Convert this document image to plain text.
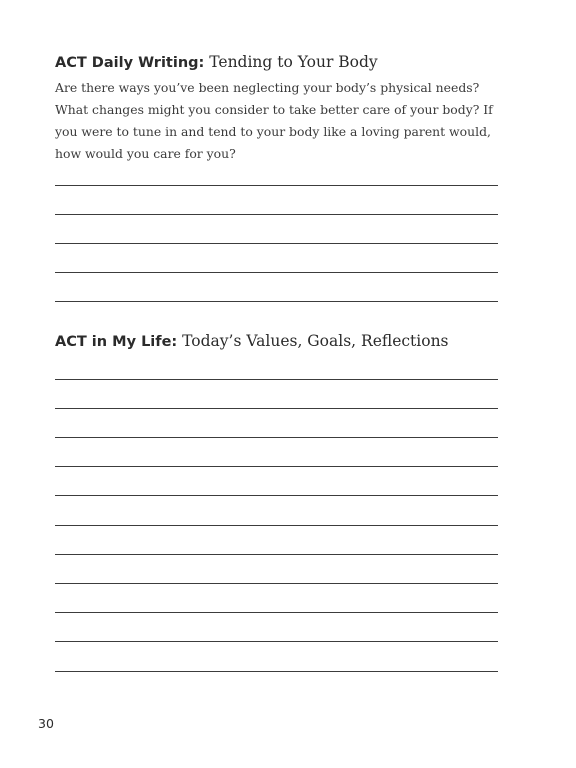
ACT Daily Writing: Tending to Your Body
Are there ways you’ve been neglecting your body’s physical needs? What changes might you consider to take better care of your body? If you were to tune in and tend to your body like a loving parent would, how would you care for you?
ACT in My Life: Today’s Values, Goals, Reflections
30
